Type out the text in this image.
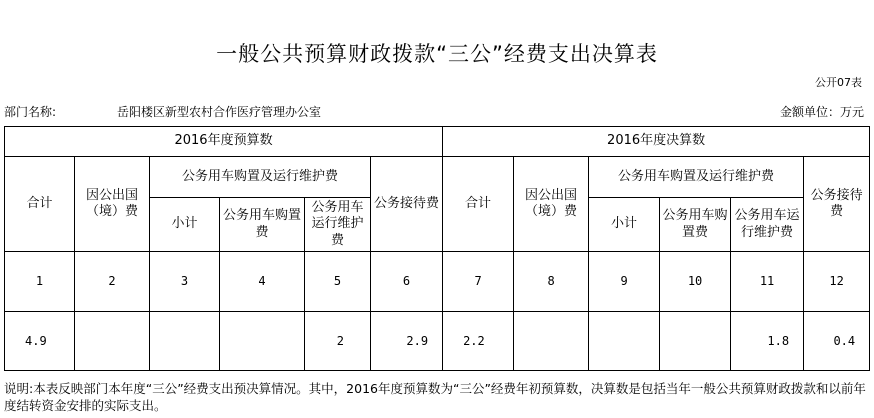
一般公共预算财政拨款“三公”经费支出决算表
公开07表
部门名称:	岳阳楼区新型农村合作医疗管理办公室	金额单位：万元
2016年度预算数						2016年度决算数					
合计	因公出国（境）费	公务用车购置及运行维护费			公务接待费	合计	因公出国（境）费	公务用车购置及运行维护费			公务接待费
		小计	公务用车购置费	公务用车运行维护费				小计	公务用车购置费	公务用车运行维护费	
1	2	3	4	5	6	7	8	9	10	11	12
4.9				2	2.9	2.2				1.8	0.4
说明:本表反映部门本年度“三公”经费支出预决算情况。其中，2016年度预算数为“三公”经费年初预算数，决算数是包括当年一般公共预算财政拨款和以前年度结转资金安排的实际支出。
